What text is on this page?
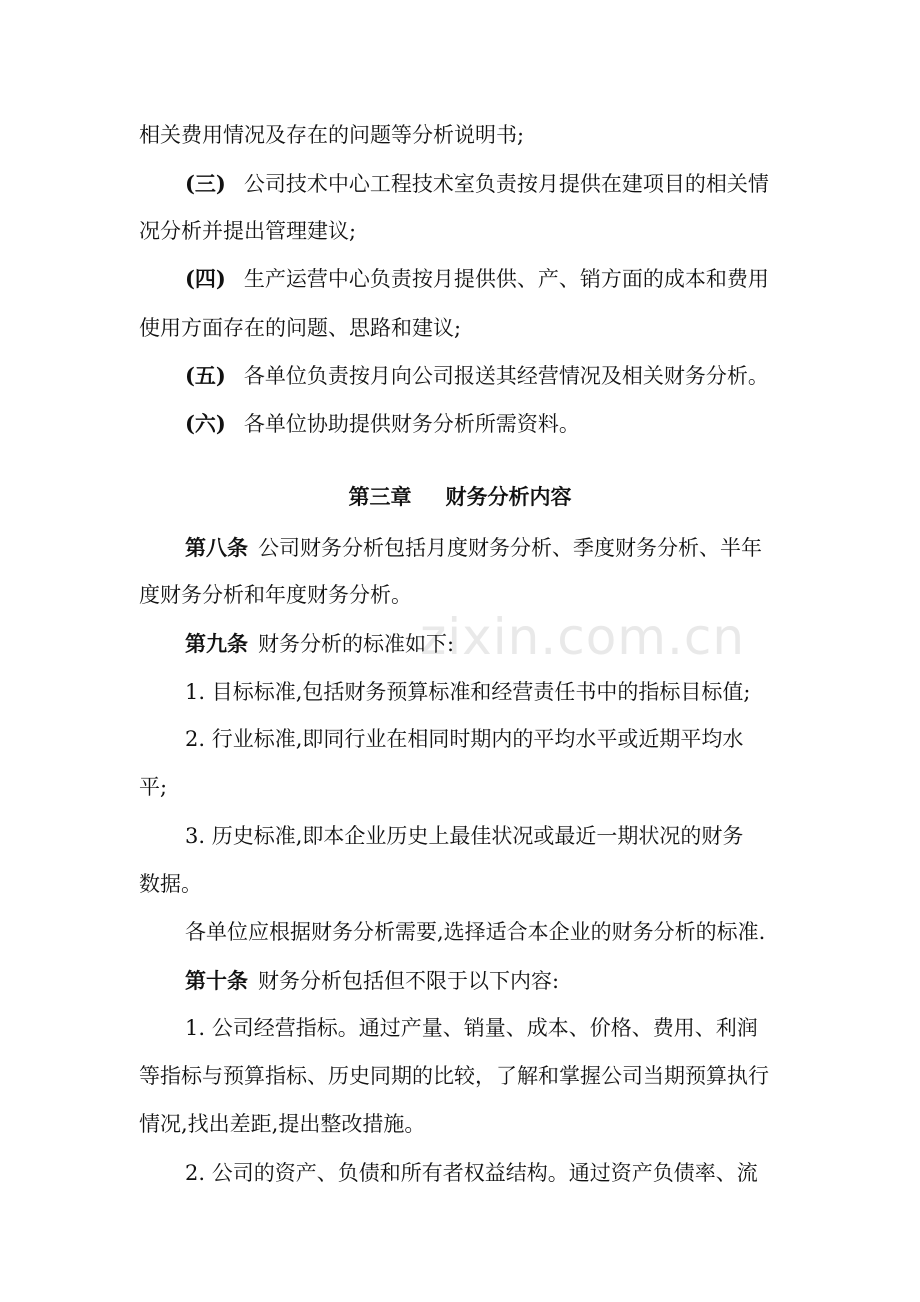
zixin.com.cn
相关费用情况及存在的问题等分析说明书;
(三) 公司技术中心工程技术室负责按月提供在建项目的相关情
况分析并提出管理建议;
(四) 生产运营中心负责按月提供供、产、销方面的成本和费用
使用方面存在的问题、思路和建议;
(五) 各单位负责按月向公司报送其经营情况及相关财务分析。
(六) 各单位协助提供财务分析所需资料。
第三章 财务分析内容
第八条 公司财务分析包括月度财务分析、季度财务分析、半年
度财务分析和年度财务分析。
第九条 财务分析的标准如下:
1. 目标标准,包括财务预算标准和经营责任书中的指标目标值;
2. 行业标准,即同行业在相同时期内的平均水平或近期平均水
平;
3. 历史标准,即本企业历史上最佳状况或最近一期状况的财务
数据。
各单位应根据财务分析需要,选择适合本企业的财务分析的标准.
第十条 财务分析包括但不限于以下内容:
1. 公司经营指标。通过产量、销量、成本、价格、费用、利润
等指标与预算指标、历史同期的比较，了解和掌握公司当期预算执行
情况,找出差距,提出整改措施。
2. 公司的资产、负债和所有者权益结构。通过资产负债率、流
